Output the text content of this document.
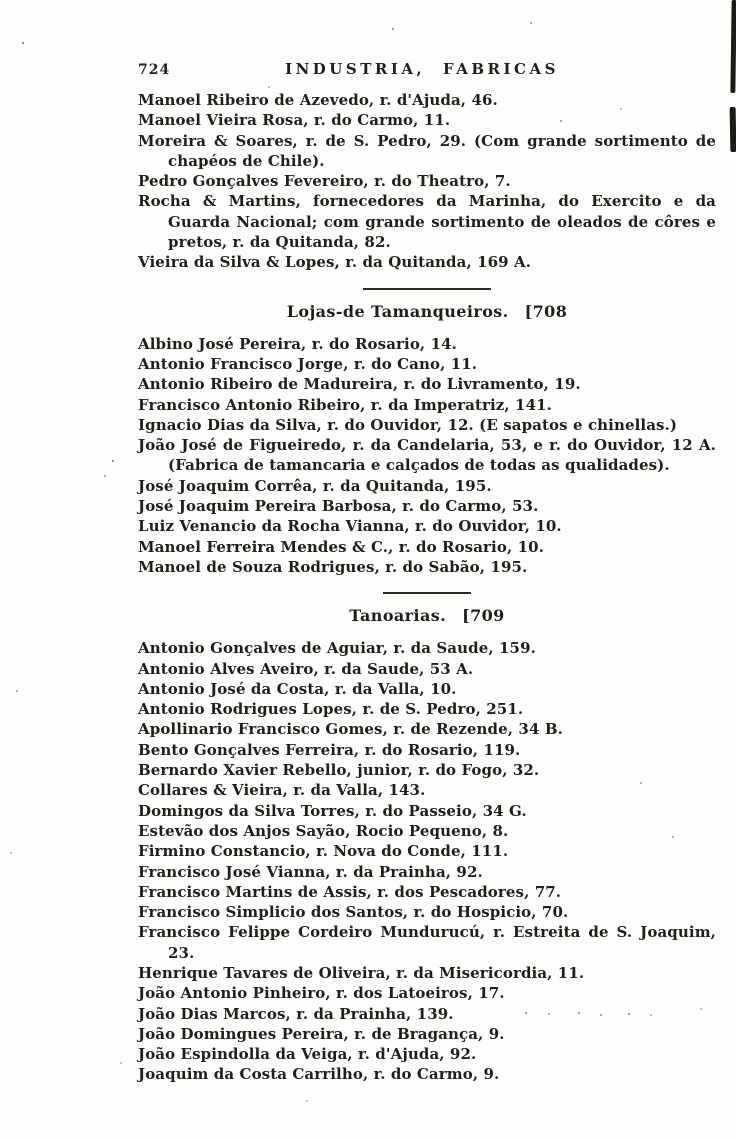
724	INDUSTRIA, FABRICAS

Manoel Ribeiro de Azevedo, r. d'Ajuda, 46.

Manoel Vieira Rosa, r. do Carmo, 11.

Moreira & Soares, r. de S. Pedro, 29. (Com grande sortimento de chapéos de Chile).

Pedro Gonçalves Fevereiro, r. do Theatro, 7.

Rocha & Martins, fornecedores da Marinha, do Exercito e da Guarda Nacional; com grande sortimento de oleados de côres e pretos, r. da Quitanda, 82.

Vieira da Silva & Lopes, r. da Quitanda, 169 A.

Lojas-de Tamanqueiros. [708

Albino José Pereira, r. do Rosario, 14.

Antonio Francisco Jorge, r. do Cano, 11.

Antonio Ribeiro de Madureira, r. do Livramento, 19.

Francisco Antonio Ribeiro, r. da Imperatriz, 141.

Ignacio Dias da Silva, r. do Ouvidor, 12. (E sapatos e chinellas.)

João José de Figueiredo, r. da Candelaria, 53, e r. do Ouvidor, 12 A. (Fabrica de tamancaria e calçados de todas as qualidades).

José Joaquim Corrêa, r. da Quitanda, 195.

José Joaquim Pereira Barbosa, r. do Carmo, 53.

Luiz Venancio da Rocha Vianna, r. do Ouvidor, 10.

Manoel Ferreira Mendes & C., r. do Rosario, 10.

Manoel de Souza Rodrigues, r. do Sabão, 195.

Tanoarias. [709

Antonio Gonçalves de Aguiar, r. da Saude, 159.

Antonio Alves Aveiro, r. da Saude, 53 A.

Antonio José da Costa, r. da Valla, 10.

Antonio Rodrigues Lopes, r. de S. Pedro, 251.

Apollinario Francisco Gomes, r. de Rezende, 34 B.

Bento Gonçalves Ferreira, r. do Rosario, 119.

Bernardo Xavier Rebello, junior, r. do Fogo, 32.

Collares & Vieira, r. da Valla, 143.

Domingos da Silva Torres, r. do Passeio, 34 G.

Estevão dos Anjos Sayão, Rocio Pequeno, 8.

Firmino Constancio, r. Nova do Conde, 111.

Francisco José Vianna, r. da Prainha, 92.

Francisco Martins de Assis, r. dos Pescadores, 77.

Francisco Simplicio dos Santos, r. do Hospicio, 70.

Francisco Felippe Cordeiro Mundurucú, r. Estreita de S. Joaquim, 23.

Henrique Tavares de Oliveira, r. da Misericordia, 11.

João Antonio Pinheiro, r. dos Latoeiros, 17.

João Dias Marcos, r. da Prainha, 139.

João Domingues Pereira, r. de Bragança, 9.

João Espindolla da Veiga, r. d'Ajuda, 92.

Joaquim da Costa Carrilho, r. do Carmo, 9.
